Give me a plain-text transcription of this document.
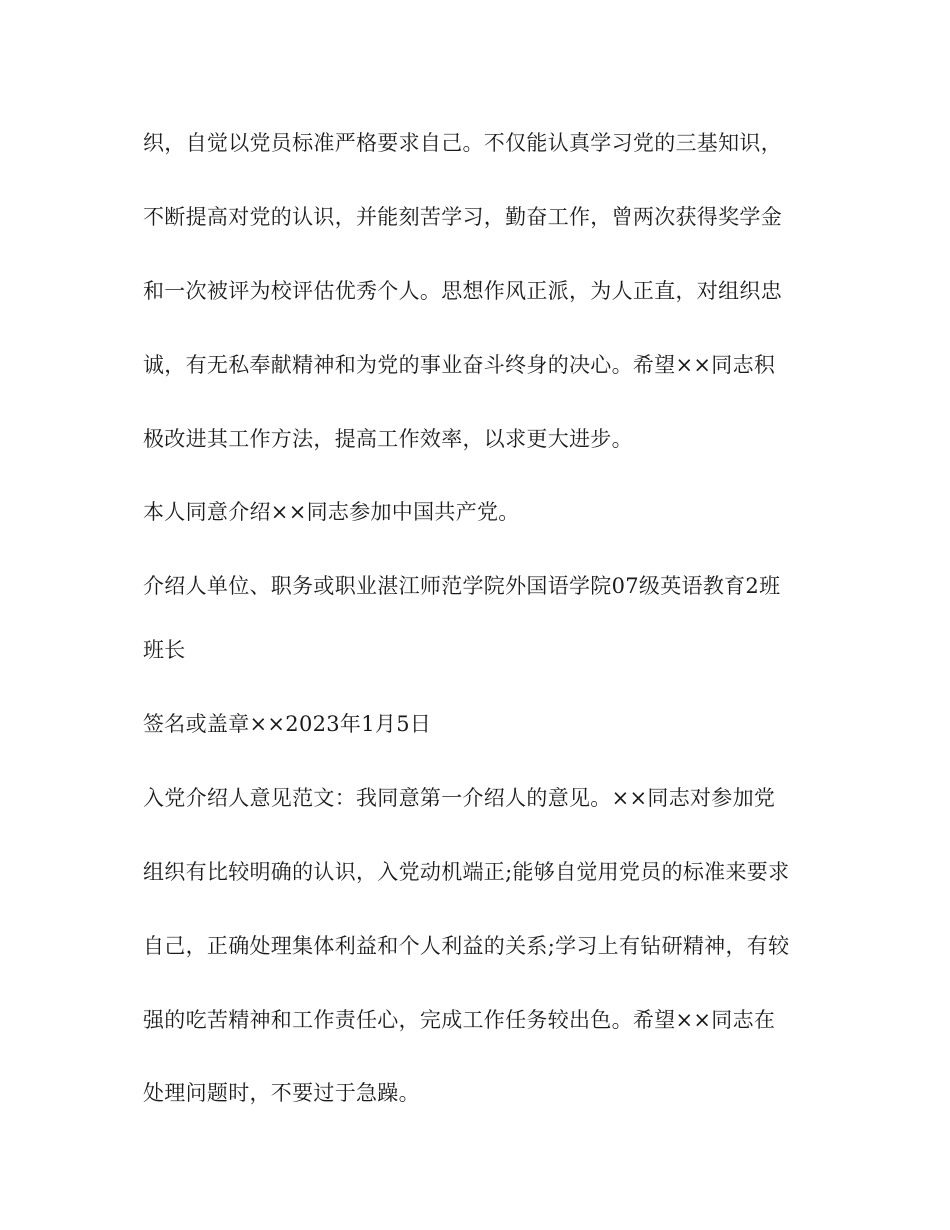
织，自觉以党员标准严格要求自己。不仅能认真学习党的三基知识，
不断提高对党的认识，并能刻苦学习，勤奋工作，曾两次获得奖学金
和一次被评为校评估优秀个人。思想作风正派，为人正直，对组织忠
诚，有无私奉献精神和为党的事业奋斗终身的决心。希望××同志积
极改进其工作方法，提高工作效率，以求更大进步。
本人同意介绍××同志参加中国共产党。
介绍人单位、职务或职业湛江师范学院外国语学院07级英语教育2班
班长
签名或盖章××2023年1月5日
入党介绍人意见范文：我同意第一介绍人的意见。××同志对参加党
组织有比较明确的认识，入党动机端正;能够自觉用党员的标准来要求
自己，正确处理集体利益和个人利益的关系;学习上有钻研精神，有较
强的吃苦精神和工作责任心，完成工作任务较出色。希望××同志在
处理问题时，不要过于急躁。
